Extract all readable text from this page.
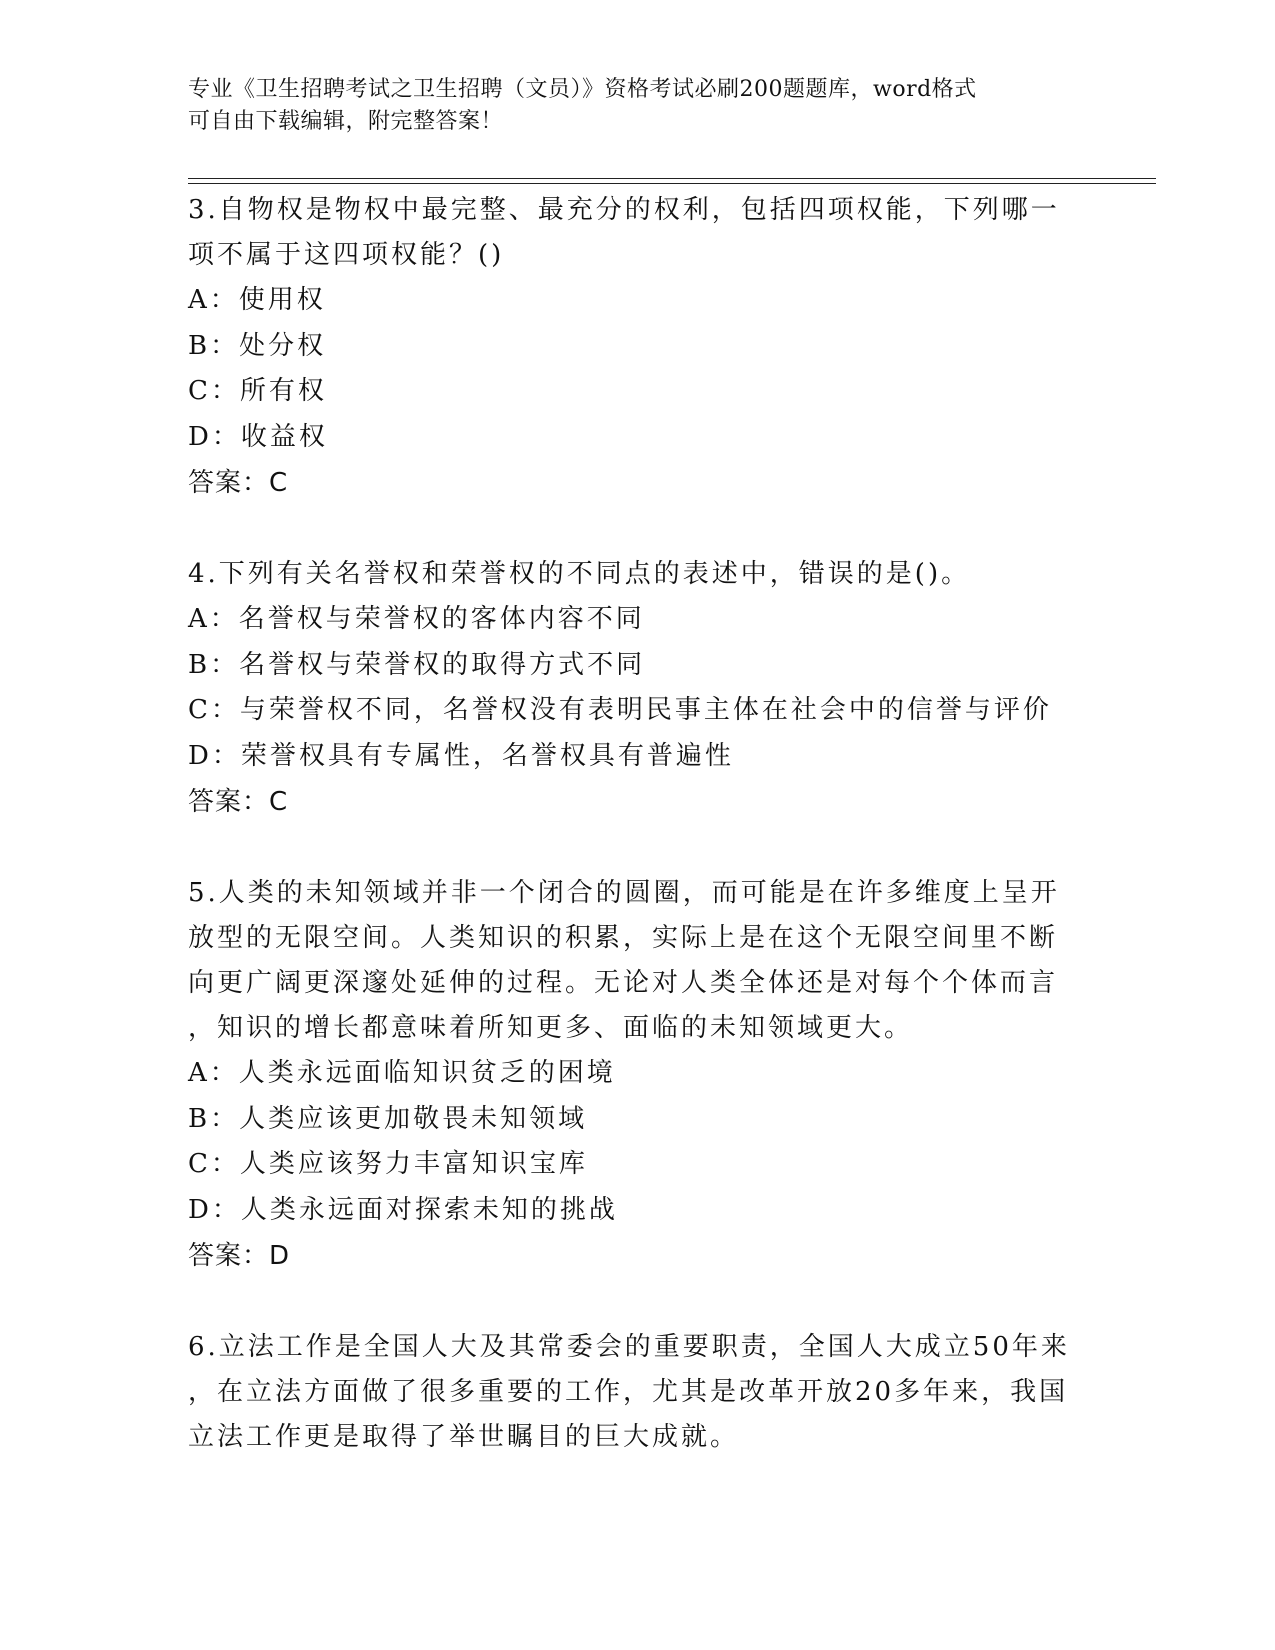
专业《卫生招聘考试之卫生招聘（文员）》资格考试必刷200题题库，word格式
可自由下载编辑，附完整答案！
3.自物权是物权中最完整、最充分的权利，包括四项权能，下列哪一
项不属于这四项权能？()
A：使用权
B：处分权
C：所有权
D：收益权
答案：C
4.下列有关名誉权和荣誉权的不同点的表述中，错误的是()。
A：名誉权与荣誉权的客体内容不同
B：名誉权与荣誉权的取得方式不同
C：与荣誉权不同，名誉权没有表明民事主体在社会中的信誉与评价
D：荣誉权具有专属性，名誉权具有普遍性
答案：C
5.人类的未知领域并非一个闭合的圆圈，而可能是在许多维度上呈开
放型的无限空间。人类知识的积累，实际上是在这个无限空间里不断
向更广阔更深邃处延伸的过程。无论对人类全体还是对每个个体而言
，知识的增长都意味着所知更多、面临的未知领域更大。
A：人类永远面临知识贫乏的困境
B：人类应该更加敬畏未知领域
C：人类应该努力丰富知识宝库
D：人类永远面对探索未知的挑战
答案：D
6.立法工作是全国人大及其常委会的重要职责，全国人大成立50年来
，在立法方面做了很多重要的工作，尤其是改革开放20多年来，我国
立法工作更是取得了举世瞩目的巨大成就。
